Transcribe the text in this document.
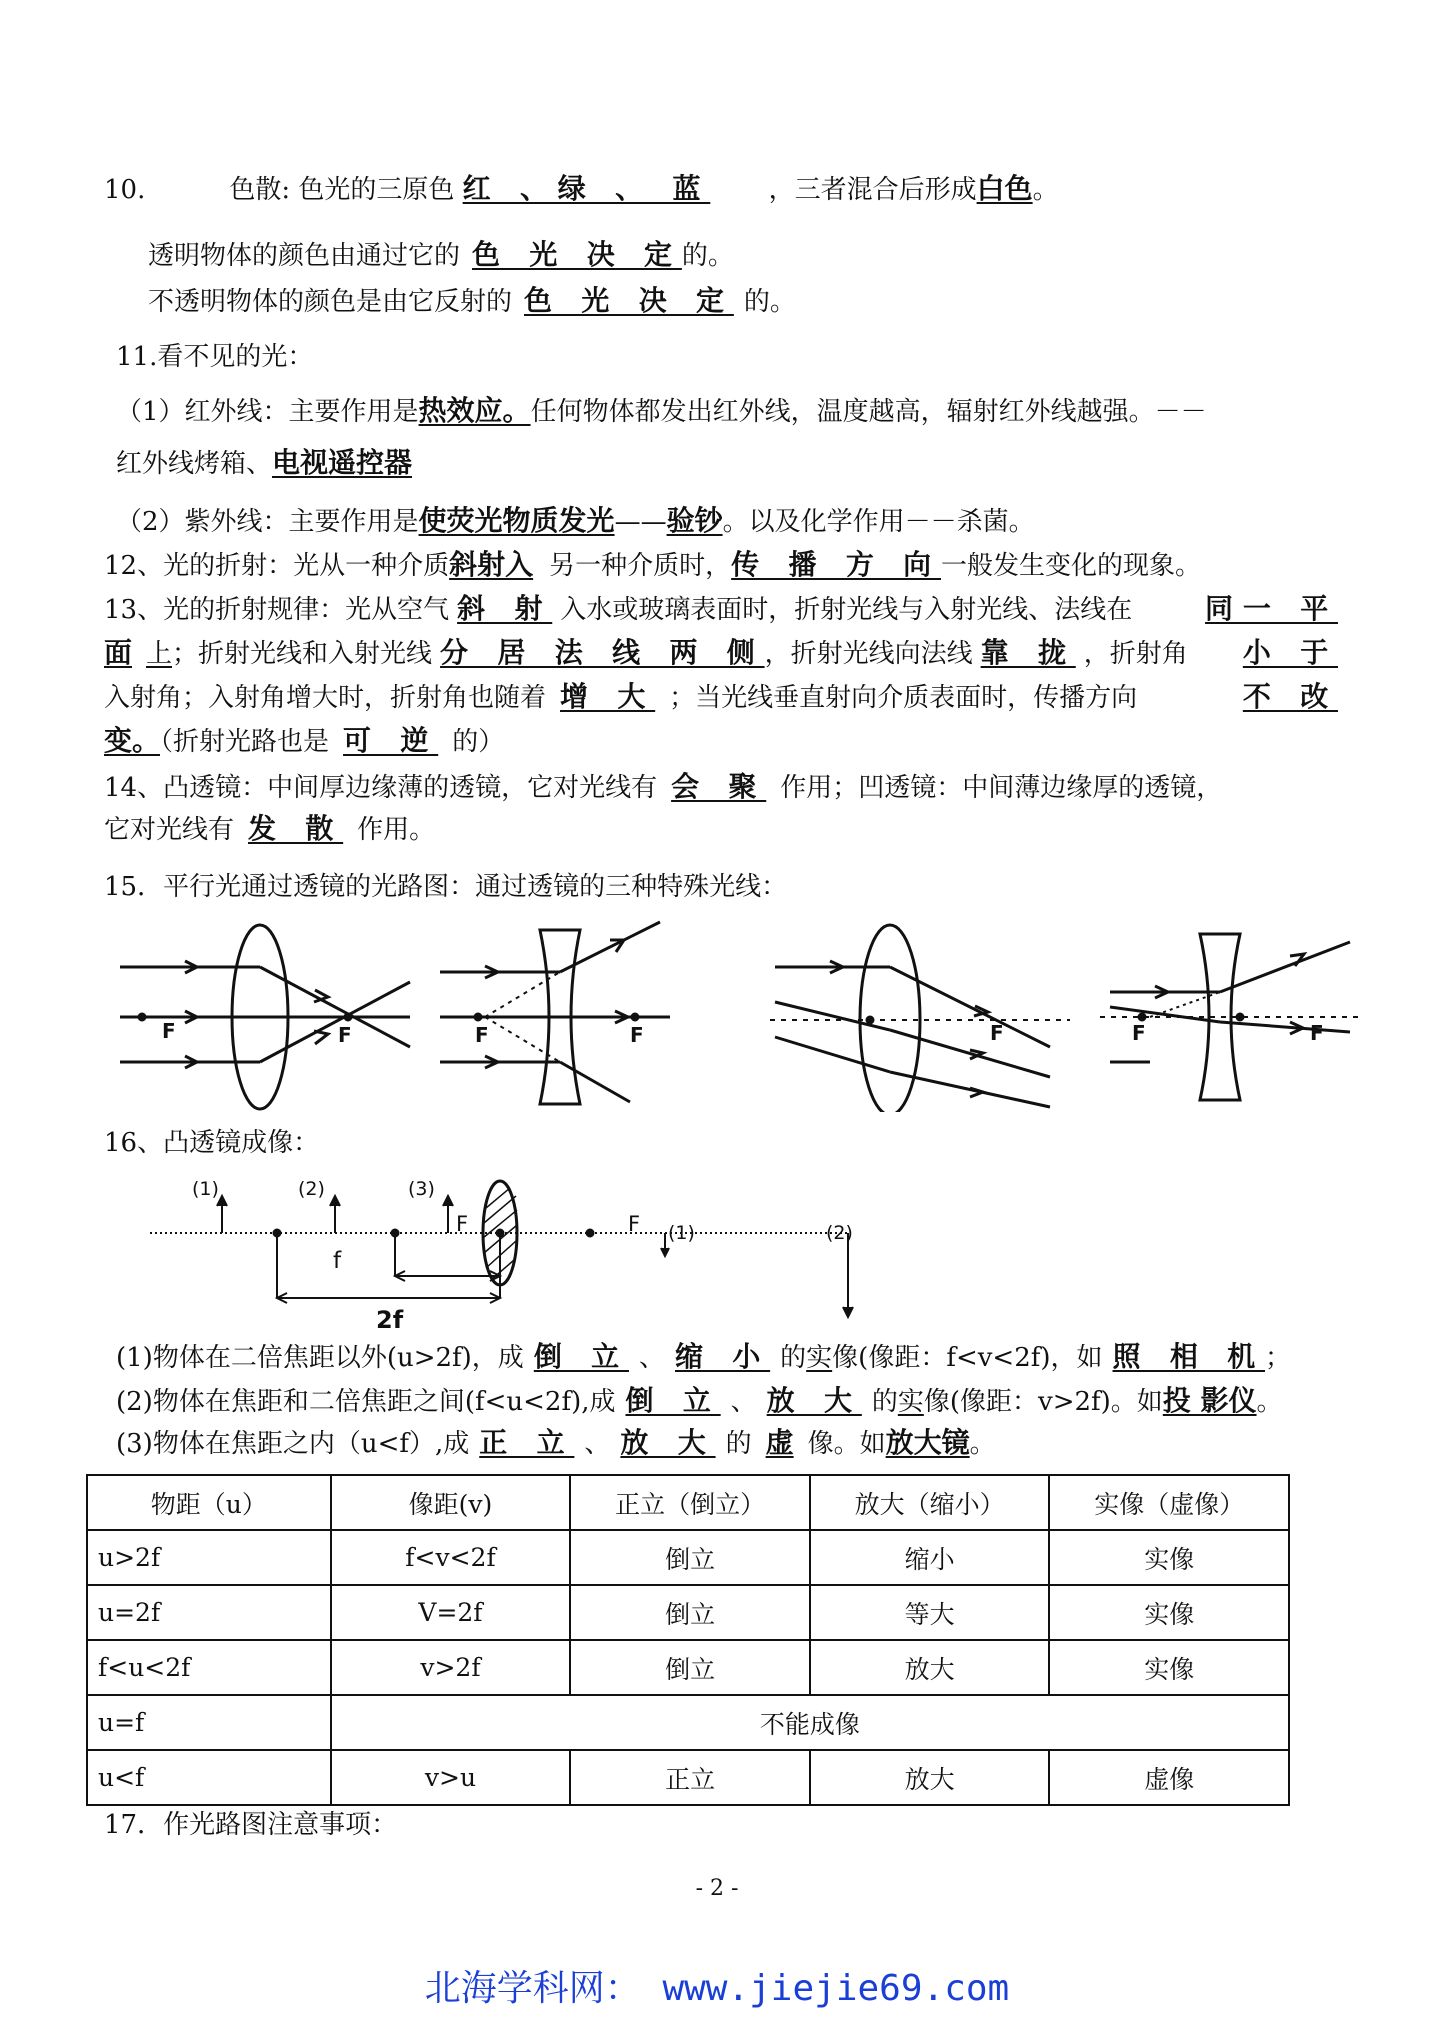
10.	色散: 色光的三原色 红 、绿 、 蓝 ，三者混合后形成白色。
透明物体的颜色由通过它的 色 光 决 定的。
不透明物体的颜色是由它反射的 色 光 决 定 的。
11.看不见的光：
（1）红外线：主要作用是热效应。任何物体都发出红外线，温度越高，辐射红外线越强。－－
红外线烤箱、电视遥控器
（2）紫外线：主要作用是使荧光物质发光——验钞。以及化学作用－－杀菌。
12、光的折射：光从一种介质斜射入 另一种介质时，传 播 方 向一般发生变化的现象。
13、光的折射规律：光从空气 斜 射 入水或玻璃表面时，折射光线与入射光线、法线在	同一 平
面 上；折射光线和入射光线 分 居 法 线 两 侧，折射光线向法线 靠 拢 ，折射角 小 于
入射角；入射角增大时，折射角也随着 增 大 ；当光线垂直射向介质表面时，传播方向	不 改
变。（折射光路也是 可 逆 的）
14、凸透镜：中间厚边缘薄的透镜，它对光线有 会 聚 作用；凹透镜：中间薄边缘厚的透镜，
它对光线有 发 散 作用。
15．平行光通过透镜的光路图：通过透镜的三种特殊光线：
F	F	F	F	F	F	F
16、凸透镜成像：
(1)	(2)	(3)
F	F (1)	(2)
f
2f
(1)物体在二倍焦距以外(u>2f)，成 倒 立 、 缩 小 的实像(像距：f<v<2f)，如 照 相 机；
(2)物体在焦距和二倍焦距之间(f<u<2f),成 倒 立 、 放 大 的实像(像距：v>2f)。如投 影仪。
(3)物体在焦距之内（u<f）,成 正 立 、 放 大 的 虚 像。如放大镜。
物距（u）	像距(v)	正立（倒立）	放大（缩小）	实像（虚像）
u>2f	f<v<2f	倒立	缩小	实像
u=2f	V=2f	倒立	等大	实像
f<u<2f	v>2f	倒立	放大	实像
u=f	不能成像			
u<f	v>u	正立	放大	虚像
17．作光路图注意事项：
- 2 -
北海学科网： www.jiejie69.com
